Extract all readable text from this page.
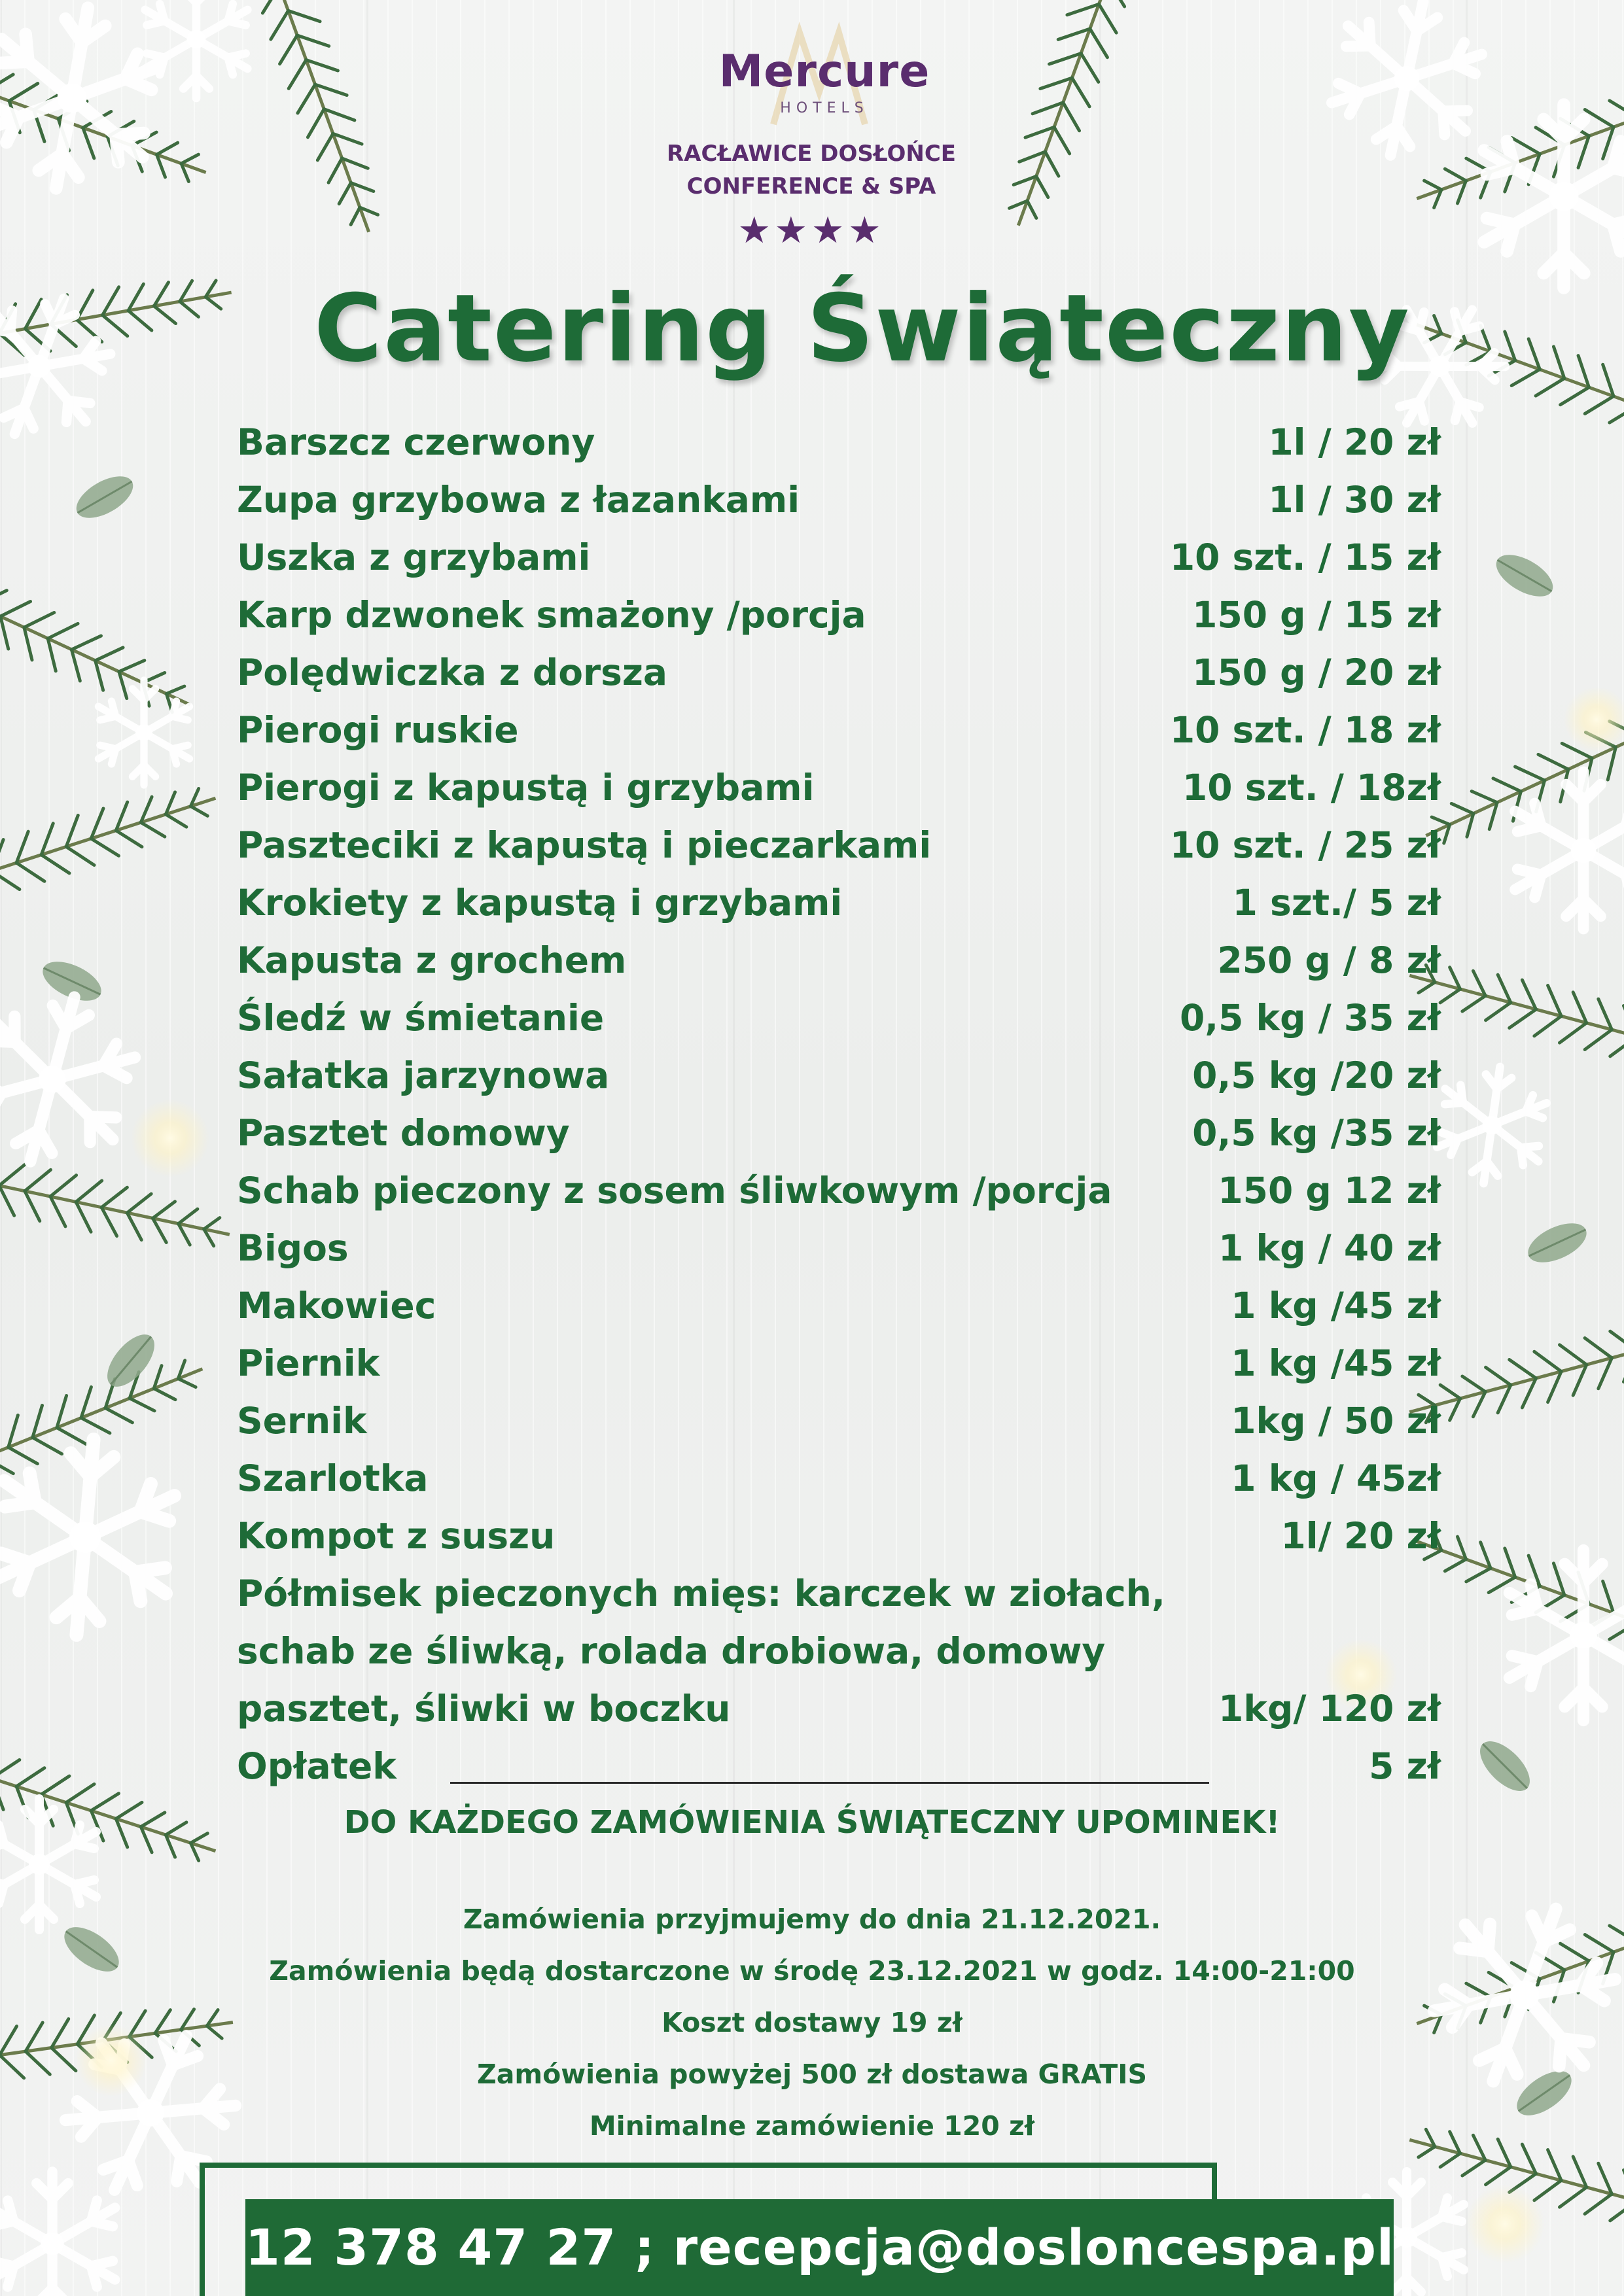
Mercure
HOTELS
RACŁAWICE DOSŁOŃCE
CONFERENCE & SPA
★★★★
Catering Świąteczny
Barszcz czerwony	1l / 20 zł
Zupa grzybowa z łazankami	1l / 30 zł
Uszka z grzybami	10 szt. / 15 zł
Karp dzwonek smażony /porcja	150 g / 15 zł
Polędwiczka z dorsza	150 g / 20 zł
Pierogi ruskie	10 szt. / 18 zł
Pierogi z kapustą i grzybami	10 szt. / 18zł
Paszteciki z kapustą i pieczarkami	10 szt. / 25 zł
Krokiety z kapustą i grzybami	1 szt./ 5 zł
Kapusta z grochem	250 g / 8 zł
Śledź w śmietanie	0,5 kg / 35 zł
Sałatka jarzynowa	0,5 kg /20 zł
Pasztet domowy	0,5 kg /35 zł
Schab pieczony z sosem śliwkowym /porcja	150 g 12 zł
Bigos	1 kg / 40 zł
Makowiec	1 kg /45 zł
Piernik	1 kg /45 zł
Sernik	1kg / 50 zł
Szarlotka	1 kg / 45zł
Kompot z suszu	1l/ 20 zł
Półmisek pieczonych mięs: karczek w ziołach, schab ze śliwką, rolada drobiowa, domowy pasztet, śliwki w boczku	1kg/ 120 zł
Opłatek	5 zł
DO KAŻDEGO ZAMÓWIENIA ŚWIĄTECZNY UPOMINEK!
Zamówienia przyjmujemy do dnia 21.12.2021.
Zamówienia będą dostarczone w środę 23.12.2021 w godz. 14:00-21:00
Koszt dostawy 19 zł
Zamówienia powyżej 500 zł dostawa GRATIS
Minimalne zamówienie 120 zł
12 378 47 27 ; recepcja@dosloncespa.pl
